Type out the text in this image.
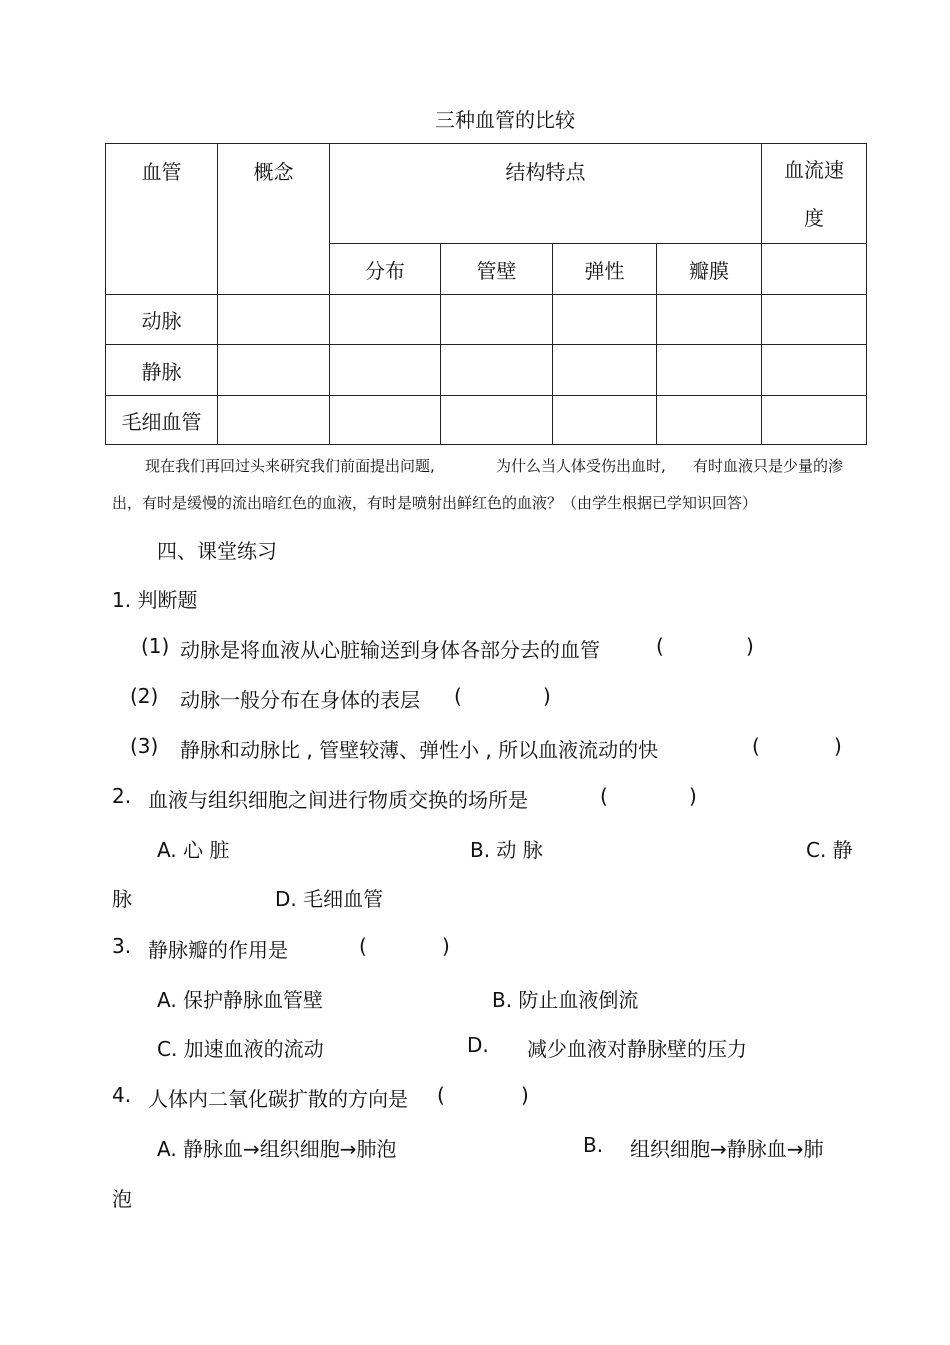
三种血管的比较
血管	概念	结构特点				血流速
度

		分布	管壁	弹性	瓣膜	
动脉						
静脉						
毛细血管						
现在我们再回过头来研究我们前面提出问题,	为什么当人体受伤出血时, 有时血液只是少量的渗
出，有时是缓慢的流出暗红色的血液，有时是喷射出鲜红色的血液？（由学生根据已学知识回答）
四、课堂练习
1. 判断题
(1) 动脉是将血液从心脏输送到身体各部分去的血管	(	)
(2) 动脉一般分布在身体的表层 (	)
(3) 静脉和动脉比 , 管壁较薄、弹性小 , 所以血液流动的快	(	)
2. 血液与组织细胞之间进行物质交换的场所是	(	)
A. 心 脏	B. 动 脉	C. 静
脉	D. 毛细血管
3. 静脉瓣的作用是	(	)
A. 保护静脉血管壁	B. 防止血液倒流
C. 加速血液的流动	D. 减少血液对静脉壁的压力
4. 人体内二氧化碳扩散的方向是 (	)
A. 静脉血→组织细胞→肺泡	B. 组织细胞→静脉血→肺
泡
